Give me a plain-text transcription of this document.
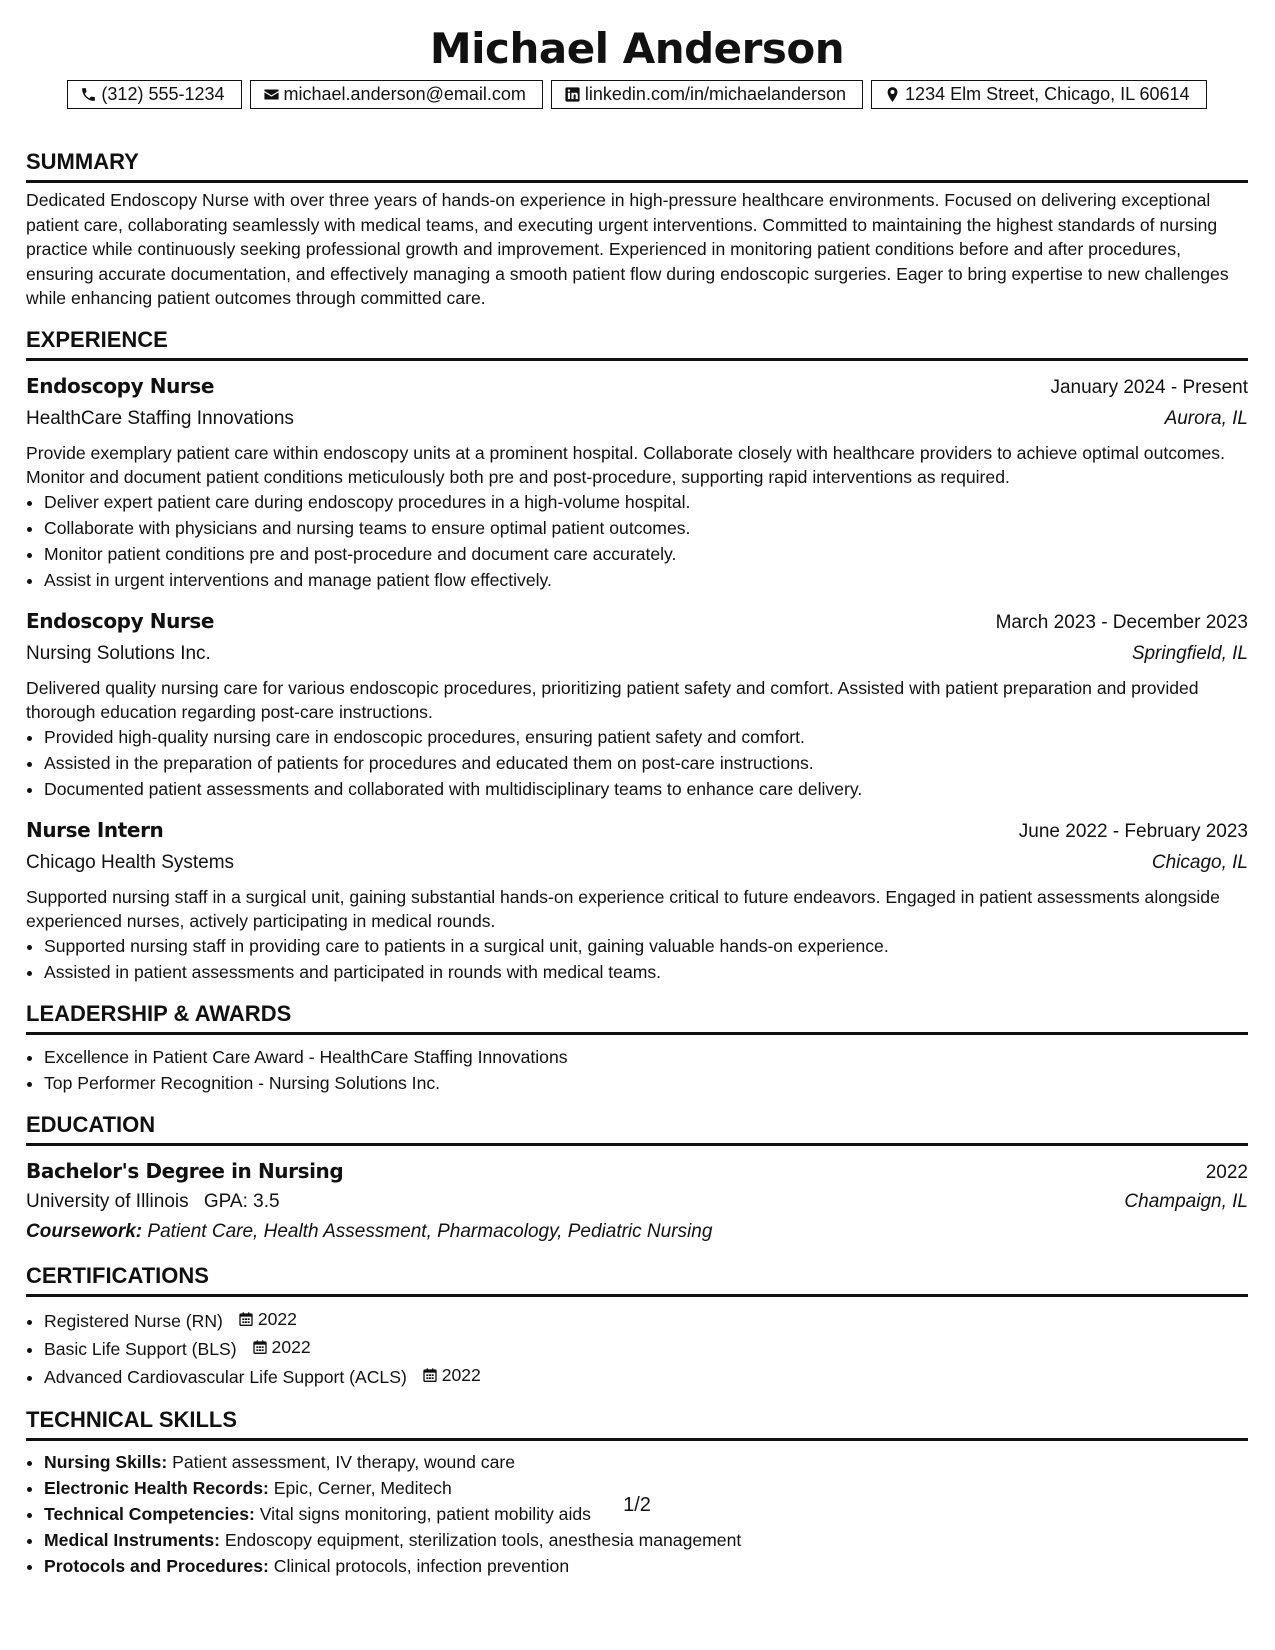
Michael Anderson
(312) 555-1234	michael.anderson@email.com	linkedin.com/in/michaelanderson	1234 Elm Street, Chicago, IL 60614
SUMMARY

Dedicated Endoscopy Nurse with over three years of hands-on experience in high-pressure healthcare environments. Focused on delivering exceptional patient care, collaborating seamlessly with medical teams, and executing urgent interventions. Committed to maintaining the highest standards of nursing practice while continuously seeking professional growth and improvement. Experienced in monitoring patient conditions before and after procedures, ensuring accurate documentation, and effectively managing a smooth patient flow during endoscopic surgeries. Eager to bring expertise to new challenges while enhancing patient outcomes through committed care.

EXPERIENCE
Endoscopy Nurse	January 2024 - Present
HealthCare Staffing Innovations	Aurora, IL
Provide exemplary patient care within endoscopy units at a prominent hospital. Collaborate closely with healthcare providers to achieve optimal outcomes. Monitor and document patient conditions meticulously both pre and post-procedure, supporting rapid interventions as required.
• Deliver expert patient care during endoscopy procedures in a high-volume hospital.
• Collaborate with physicians and nursing teams to ensure optimal patient outcomes.
• Monitor patient conditions pre and post-procedure and document care accurately.
• Assist in urgent interventions and manage patient flow effectively.
Endoscopy Nurse	March 2023 - December 2023
Nursing Solutions Inc.	Springfield, IL
Delivered quality nursing care for various endoscopic procedures, prioritizing patient safety and comfort. Assisted with patient preparation and provided thorough education regarding post-care instructions.
• Provided high-quality nursing care in endoscopic procedures, ensuring patient safety and comfort.
• Assisted in the preparation of patients for procedures and educated them on post-care instructions.
• Documented patient assessments and collaborated with multidisciplinary teams to enhance care delivery.
Nurse Intern	June 2022 - February 2023
Chicago Health Systems	Chicago, IL
Supported nursing staff in a surgical unit, gaining substantial hands-on experience critical to future endeavors. Engaged in patient assessments alongside experienced nurses, actively participating in medical rounds.
• Supported nursing staff in providing care to patients in a surgical unit, gaining valuable hands-on experience.
• Assisted in patient assessments and participated in rounds with medical teams.
LEADERSHIP & AWARDS
• Excellence in Patient Care Award - HealthCare Staffing Innovations
• Top Performer Recognition - Nursing Solutions Inc.
EDUCATION
Bachelor's Degree in Nursing	2022
University of Illinois GPA: 3.5	Champaign, IL
Coursework: Patient Care, Health Assessment, Pharmacology, Pediatric Nursing
CERTIFICATIONS
• Registered Nurse (RN) 2022
• Basic Life Support (BLS) 2022
• Advanced Cardiovascular Life Support (ACLS) 2022
TECHNICAL SKILLS
• Nursing Skills: Patient assessment, IV therapy, wound care
• Electronic Health Records: Epic, Cerner, Meditech
• Technical Competencies: Vital signs monitoring, patient mobility aids
• Medical Instruments: Endoscopy equipment, sterilization tools, anesthesia management
• Protocols and Procedures: Clinical protocols, infection prevention
1/2
